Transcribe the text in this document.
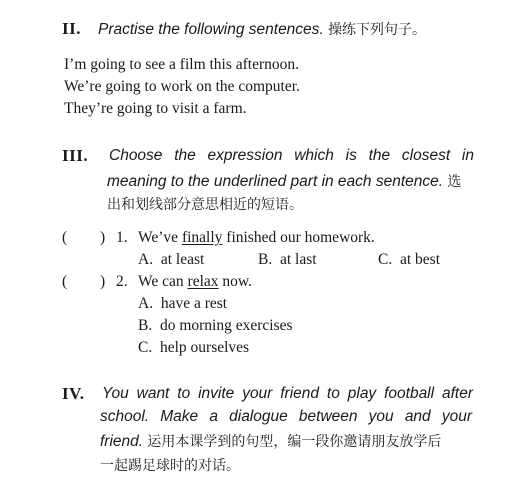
II. Practise the following sentences. 操练下列句子。
I’m going to see a film this afternoon.
We’re going to work on the computer.
They’re going to visit a farm.
III. Choose the expression which is the closest in
meaning to the underlined part in each sentence. 选
出和划线部分意思相近的短语。
( ) 1. We’ve finally finished our homework.
A. at least	B. at last	C. at best
( ) 2. We can relax now.
A. have a rest
B. do morning exercises
C. help ourselves
IV. You want to invite your friend to play football after
school. Make a dialogue between you and your
friend. 运用本课学到的句型，编一段你邀请朋友放学后
一起踢足球时的对话。
